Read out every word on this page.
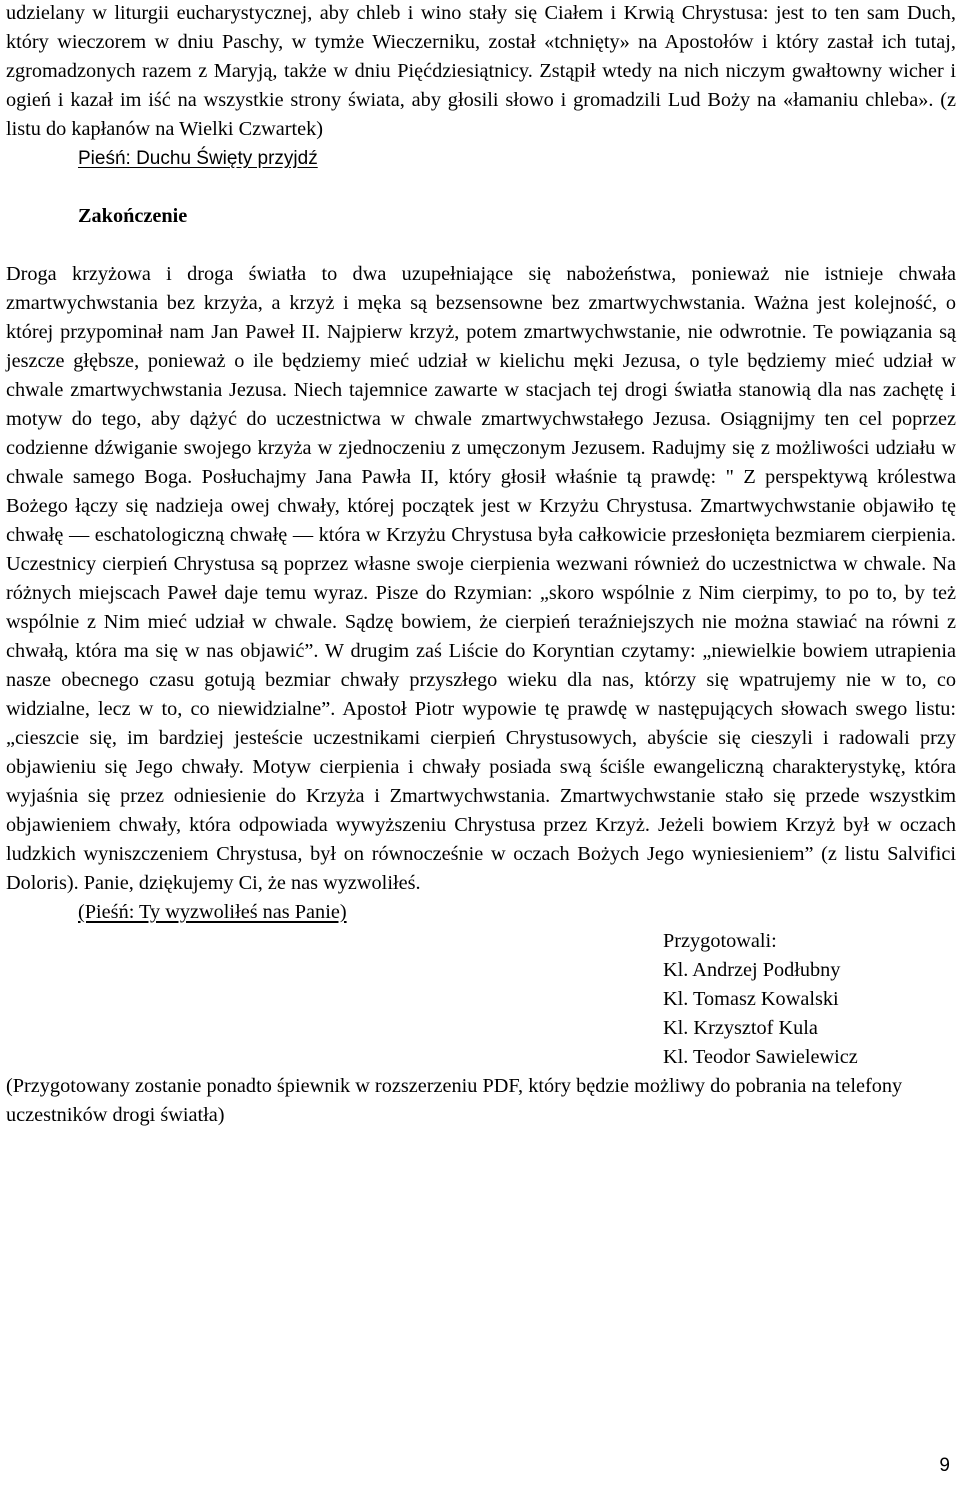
udzielany w liturgii eucharystycznej, aby chleb i wino stały się Ciałem i Krwią Chrystusa: jest to ten sam Duch, który wieczorem w dniu Paschy, w tymże Wieczerniku, został «tchnięty» na Apostołów i który zastał ich tutaj, zgromadzonych razem z Maryją, także w dniu Pięćdziesiątnicy. Zstąpił wtedy na nich niczym gwałtowny wicher i ogień i kazał im iść na wszystkie strony świata, aby głosili słowo i gromadzili Lud Boży na «łamaniu chleba». (z listu do kapłanów na Wielki Czwartek)

Pieśń: Duchu Święty przyjdź

Zakończenie

Droga krzyżowa i droga światła to dwa uzupełniające się nabożeństwa, ponieważ nie istnieje chwała zmartwychwstania bez krzyża, a krzyż i męka są bezsensowne bez zmartwychwstania. Ważna jest kolejność, o której przypominał nam Jan Paweł II. Najpierw krzyż, potem zmartwychwstanie, nie odwrotnie. Te powiązania są jeszcze głębsze, ponieważ o ile będziemy mieć udział w kielichu męki Jezusa, o tyle będziemy mieć udział w chwale zmartwychwstania Jezusa. Niech tajemnice zawarte w stacjach tej drogi światła stanowią dla nas zachętę i motyw do tego, aby dążyć do uczestnictwa w chwale zmartwychwstałego Jezusa. Osiągnijmy ten cel poprzez codzienne dźwiganie swojego krzyża w zjednoczeniu z umęczonym Jezusem. Radujmy się z możliwości udziału w chwale samego Boga. Posłuchajmy Jana Pawła II, który głosił właśnie tą prawdę: " Z perspektywą królestwa Bożego łączy się nadzieja owej chwały, której początek jest w Krzyżu Chrystusa. Zmartwychwstanie objawiło tę chwałę — eschatologiczną chwałę — która w Krzyżu Chrystusa była całkowicie przesłonięta bezmiarem cierpienia. Uczestnicy cierpień Chrystusa są poprzez własne swoje cierpienia wezwani również do uczestnictwa w chwale. Na różnych miejscach Paweł daje temu wyraz. Pisze do Rzymian: „skoro wspólnie z Nim cierpimy, to po to, by też wspólnie z Nim mieć udział w chwale. Sądzę bowiem, że cierpień teraźniejszych nie można stawiać na równi z chwałą, która ma się w nas objawić”. W drugim zaś Liście do Koryntian czytamy: „niewielkie bowiem utrapienia nasze obecnego czasu gotują bezmiar chwały przyszłego wieku dla nas, którzy się wpatrujemy nie w to, co widzialne, lecz w to, co niewidzialne”. Apostoł Piotr wypowie tę prawdę w następujących słowach swego listu: „cieszcie się, im bardziej jesteście uczestnikami cierpień Chrystusowych, abyście się cieszyli i radowali przy objawieniu się Jego chwały. Motyw cierpienia i chwały posiada swą ściśle ewangeliczną charakterystykę, która wyjaśnia się przez odniesienie do Krzyża i Zmartwychwstania. Zmartwychwstanie stało się przede wszystkim objawieniem chwały, która odpowiada wywyższeniu Chrystusa przez Krzyż. Jeżeli bowiem Krzyż był w oczach ludzkich wyniszczeniem Chrystusa, był on równocześnie w oczach Bożych Jego wyniesieniem” (z listu Salvifici Doloris). Panie, dziękujemy Ci, że nas wyzwoliłeś.

(Pieśń: Ty wyzwoliłeś nas Panie)

Przygotowali:
Kl. Andrzej Podłubny
Kl. Tomasz Kowalski
Kl. Krzysztof Kula
Kl. Teodor Sawielewicz

(Przygotowany zostanie ponadto śpiewnik w rozszerzeniu PDF, który będzie możliwy do pobrania na telefony uczestników drogi światła)

9
